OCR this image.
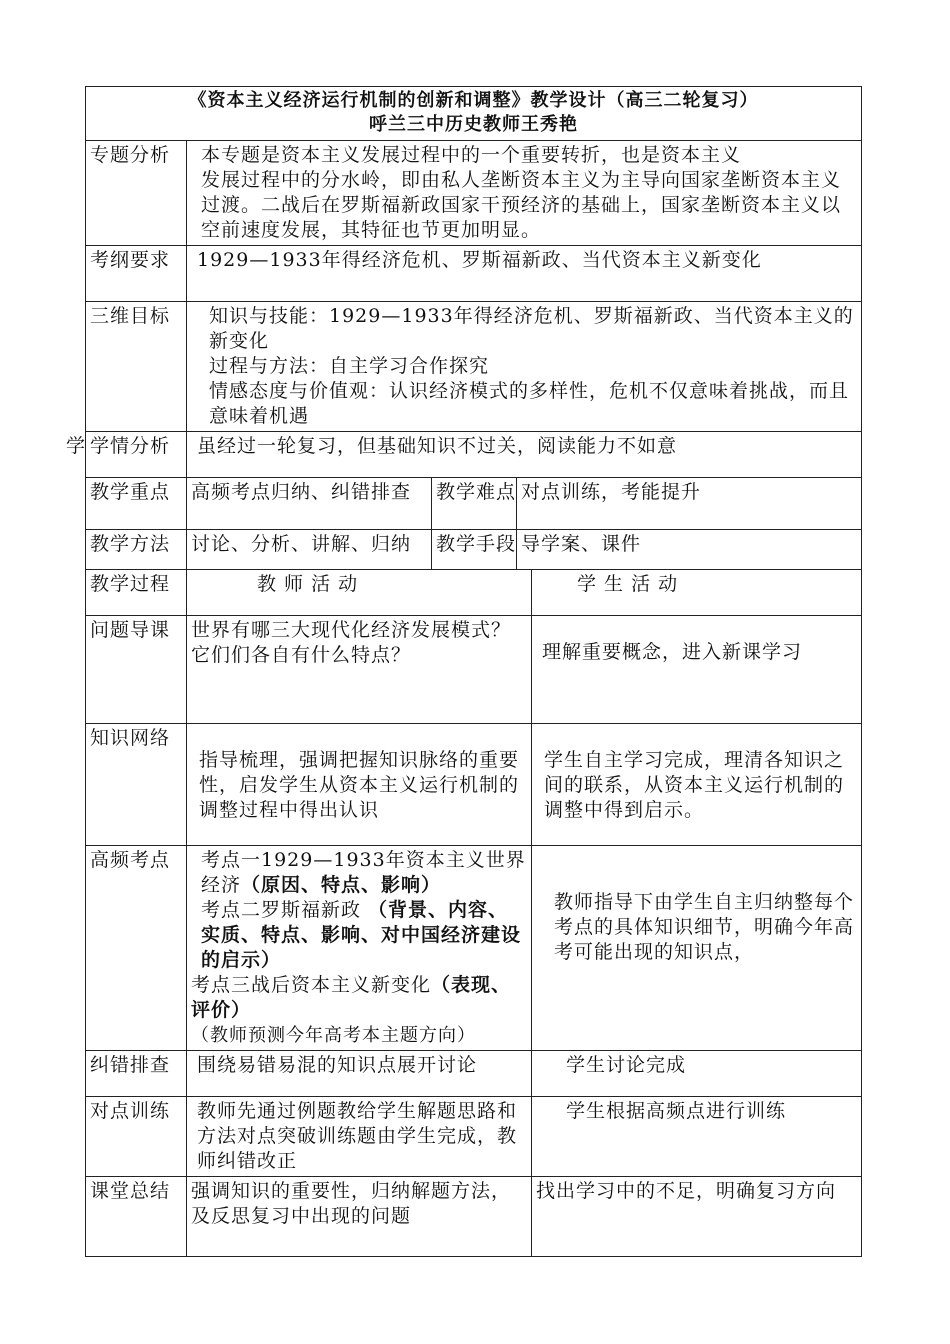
《资本主义经济运行机制的创新和调整》教学设计（高三二轮复习）
呼兰三中历史教师王秀艳				

专题分析	本专题是资本主义发展过程中的一个重要转折，也是资本主义
发展过程中的分水岭，即由私人垄断资本主义为主导向国家垄断资本主义过渡。二战后在罗斯福新政国家干预经济的基础上，国家垄断资本主义以空前速度发展，其特征也节更加明显。			

考纲要求	1929—1933年得经济危机、罗斯福新政、当代资本主义新变化			
三维目标	知识与技能：1929—1933年得经济危机、罗斯福新政、当代资本主义的新变化
过程与方法：自主学习合作探究
情感态度与价值观：认识经济模式的多样性，危机不仅意味着挑战，而且意味着机遇			

学 学情分析	虽经过一轮复习，但基础知识不过关，阅读能力不如意			
教学重点	高频考点归纳、纠错排查	教学难点	对点训练，考能提升	
教学方法	讨论、分析、讲解、归纳	教学手段	导学案、课件	
教学过程	教 师 活 动			学 生 活 动
问题导课	世界有哪三大现代化经济发展模式？它们们各自有什么特点？			理解重要概念，进入新课学习
知识网络	指导梳理，强调把握知识脉络的重要性，启发学生从资本主义运行机制的调整过程中得出认识			学生自主学习完成，理清各知识之间的联系，从资本主义运行机制的调整中得到启示。
高频考点	考点一1929—1933年资本主义世界经济（原因、特点、影响）
考点二罗斯福新政 （背景、内容、实质、特点、影响、对中国经济建设的启示）
考点三战后资本主义新变化（表现、评价）
（教师预测今年高考本主题方向）			教师指导下由学生自主归纳整每个考点的具体知识细节，明确今年高考可能出现的知识点，
纠错排查	围绕易错易混的知识点展开讨论			学生讨论完成
对点训练	教师先通过例题教给学生解题思路和方法对点突破训练题由学生完成，教师纠错改正			学生根据高频点进行训练
课堂总结	强调知识的重要性，归纳解题方法，及反思复习中出现的问题			找出学习中的不足，明确复习方向
